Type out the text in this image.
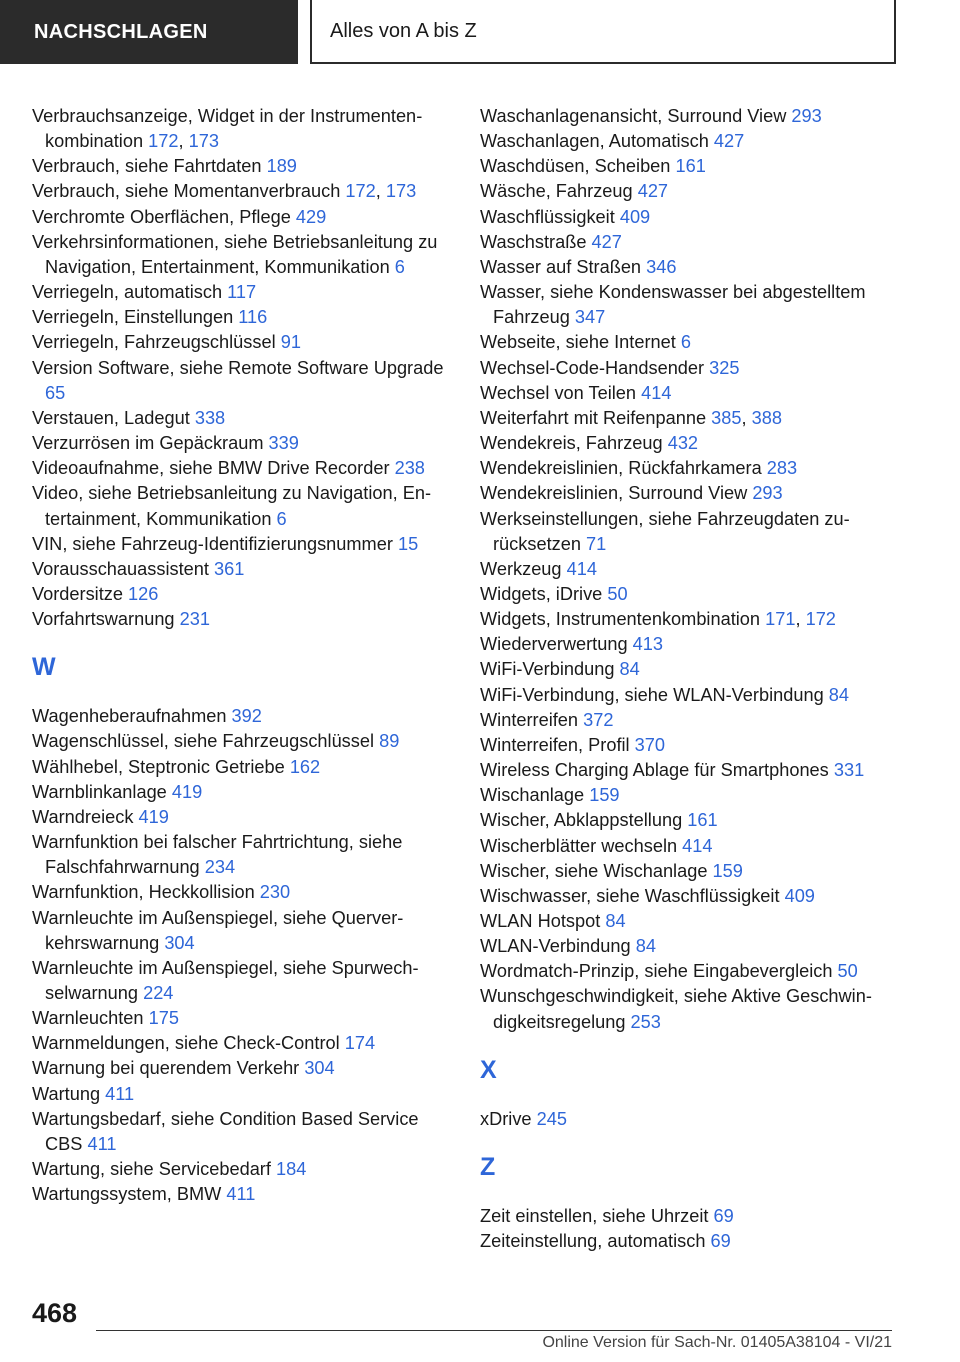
NACHSCHLAGEN	Alles von A bis Z

Verbrauchsanzeige, Widget in der Instrumentenkombination 172, 173

Verbrauch, siehe Fahrtdaten 189

Verbrauch, siehe Momentanverbrauch 172, 173

Verchromte Oberflächen, Pflege 429

Verkehrsinformationen, siehe Betriebsanleitung zu Navigation, Entertainment, Kommunikation 6

Verriegeln, automatisch 117

Verriegeln, Einstellungen 116

Verriegeln, Fahrzeugschlüssel 91

Version Software, siehe Remote Software Upgrade 65

Verstauen, Ladegut 338

Verzurrösen im Gepäckraum 339

Videoaufnahme, siehe BMW Drive Recorder 238

Video, siehe Betriebsanleitung zu Navigation, Entertainment, Kommunikation 6

VIN, siehe Fahrzeug-Identifizierungsnummer 15

Vorausschauassistent 361

Vordersitze 126

Vorfahrtswarnung 231

W

Wagenheberaufnahmen 392

Wagenschlüssel, siehe Fahrzeugschlüssel 89

Wählhebel, Steptronic Getriebe 162

Warnblinkanlage 419

Warndreieck 419

Warnfunktion bei falscher Fahrtrichtung, siehe Falschfahrwarnung 234

Warnfunktion, Heckkollision 230

Warnleuchte im Außenspiegel, siehe Querverkehrswarnung 304

Warnleuchte im Außenspiegel, siehe Spurwechselwarnung 224

Warnleuchten 175

Warnmeldungen, siehe Check-Control 174

Warnung bei querendem Verkehr 304

Wartung 411

Wartungsbedarf, siehe Condition Based Service CBS 411

Wartung, siehe Servicebedarf 184

Wartungssystem, BMW 411

Waschanlagenansicht, Surround View 293

Waschanlagen, Automatisch 427

Waschdüsen, Scheiben 161

Wäsche, Fahrzeug 427

Waschflüssigkeit 409

Waschstraße 427

Wasser auf Straßen 346

Wasser, siehe Kondenswasser bei abgestelltem Fahrzeug 347

Webseite, siehe Internet 6

Wechsel-Code-Handsender 325

Wechsel von Teilen 414

Weiterfahrt mit Reifenpanne 385, 388

Wendekreis, Fahrzeug 432

Wendekreislinien, Rückfahrkamera 283

Wendekreislinien, Surround View 293

Werkseinstellungen, siehe Fahrzeugdaten zurücksetzen 71

Werkzeug 414

Widgets, iDrive 50

Widgets, Instrumentenkombination 171, 172

Wiederverwertung 413

WiFi-Verbindung 84

WiFi-Verbindung, siehe WLAN-Verbindung 84

Winterreifen 372

Winterreifen, Profil 370

Wireless Charging Ablage für Smartphones 331

Wischanlage 159

Wischer, Abklappstellung 161

Wischerblätter wechseln 414

Wischer, siehe Wischanlage 159

Wischwasser, siehe Waschflüssigkeit 409

WLAN Hotspot 84

WLAN-Verbindung 84

Wordmatch-Prinzip, siehe Eingabevergleich 50

Wunschgeschwindigkeit, siehe Aktive Geschwindigkeitsregelung 253

X

xDrive 245

Z

Zeit einstellen, siehe Uhrzeit 69

Zeiteinstellung, automatisch 69

468
Online Version für Sach-Nr. 01405A38104 - VI/21
